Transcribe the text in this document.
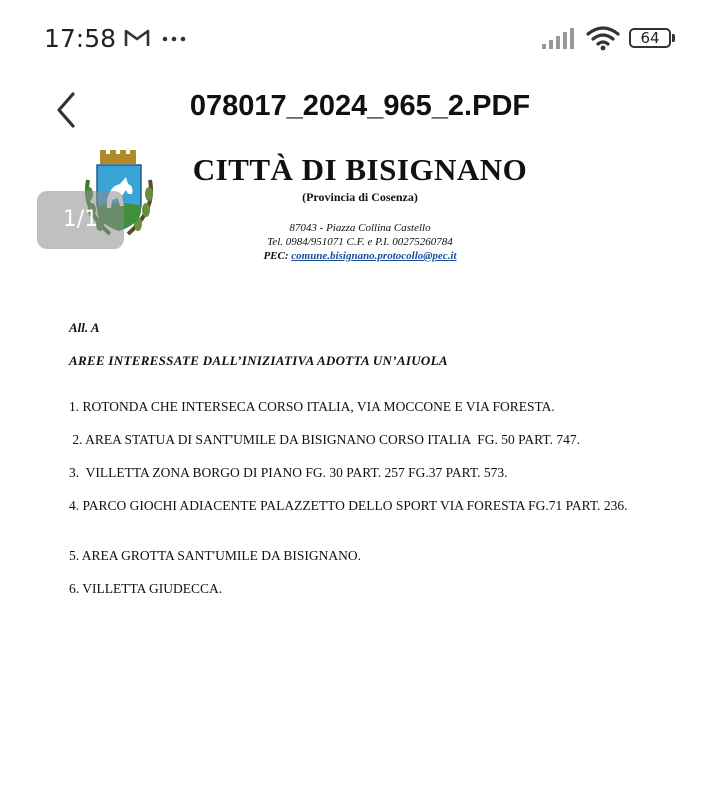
17:58	64
078017_2024_965_2.PDF
CITTÀ DI BISIGNANO
(Provincia di Cosenza)
87043 - Piazza Collina Castello
Tel. 0984/951071 C.F. e P.I. 00275260784
PEC: comune.bisignano.protocollo@pec.it
All. A
AREE INTERESSATE DALL’INIZIATIVA ADOTTA UN’AIUOLA
1. ROTONDA CHE INTERSECA CORSO ITALIA, VIA MOCCONE E VIA FORESTA.
2. AREA STATUA DI SANT'UMILE DA BISIGNANO CORSO ITALIA  FG. 50 PART. 747.
3.  VILLETTA ZONA BORGO DI PIANO FG. 30 PART. 257 FG.37 PART. 573.
4. PARCO GIOCHI ADIACENTE PALAZZETTO DELLO SPORT VIA FORESTA FG.71 PART. 236.
5. AREA GROTTA SANT'UMILE DA BISIGNANO.
6. VILLETTA GIUDECCA.
1/1
